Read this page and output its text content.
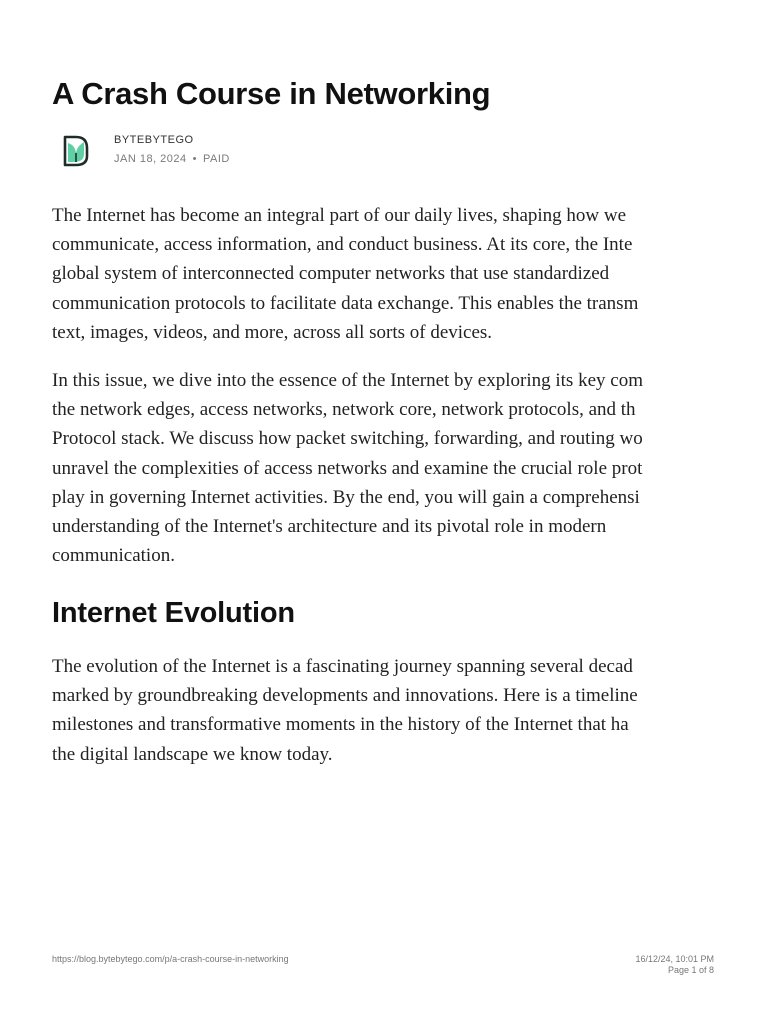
A Crash Course in Networking
BYTEBYTEGO
JAN 18, 2024 • PAID

The Internet has become an integral part of our daily lives, shaping how we
communicate, access information, and conduct business. At its core, the Inte
global system of interconnected computer networks that use standardized
communication protocols to facilitate data exchange. This enables the transm
text, images, videos, and more, across all sorts of devices.

In this issue, we dive into the essence of the Internet by exploring its key com
the network edges, access networks, network core, network protocols, and th
Protocol stack. We discuss how packet switching, forwarding, and routing wo
unravel the complexities of access networks and examine the crucial role prot
play in governing Internet activities. By the end, you will gain a comprehensi
understanding of the Internet's architecture and its pivotal role in modern
communication.

Internet Evolution

The evolution of the Internet is a fascinating journey spanning several decad
marked by groundbreaking developments and innovations. Here is a timeline
milestones and transformative moments in the history of the Internet that ha
the digital landscape we know today.

https://blog.bytebytego.com/p/a-crash-course-in-networking	16/12/24, 10:01 PM
Page 1 of 8
